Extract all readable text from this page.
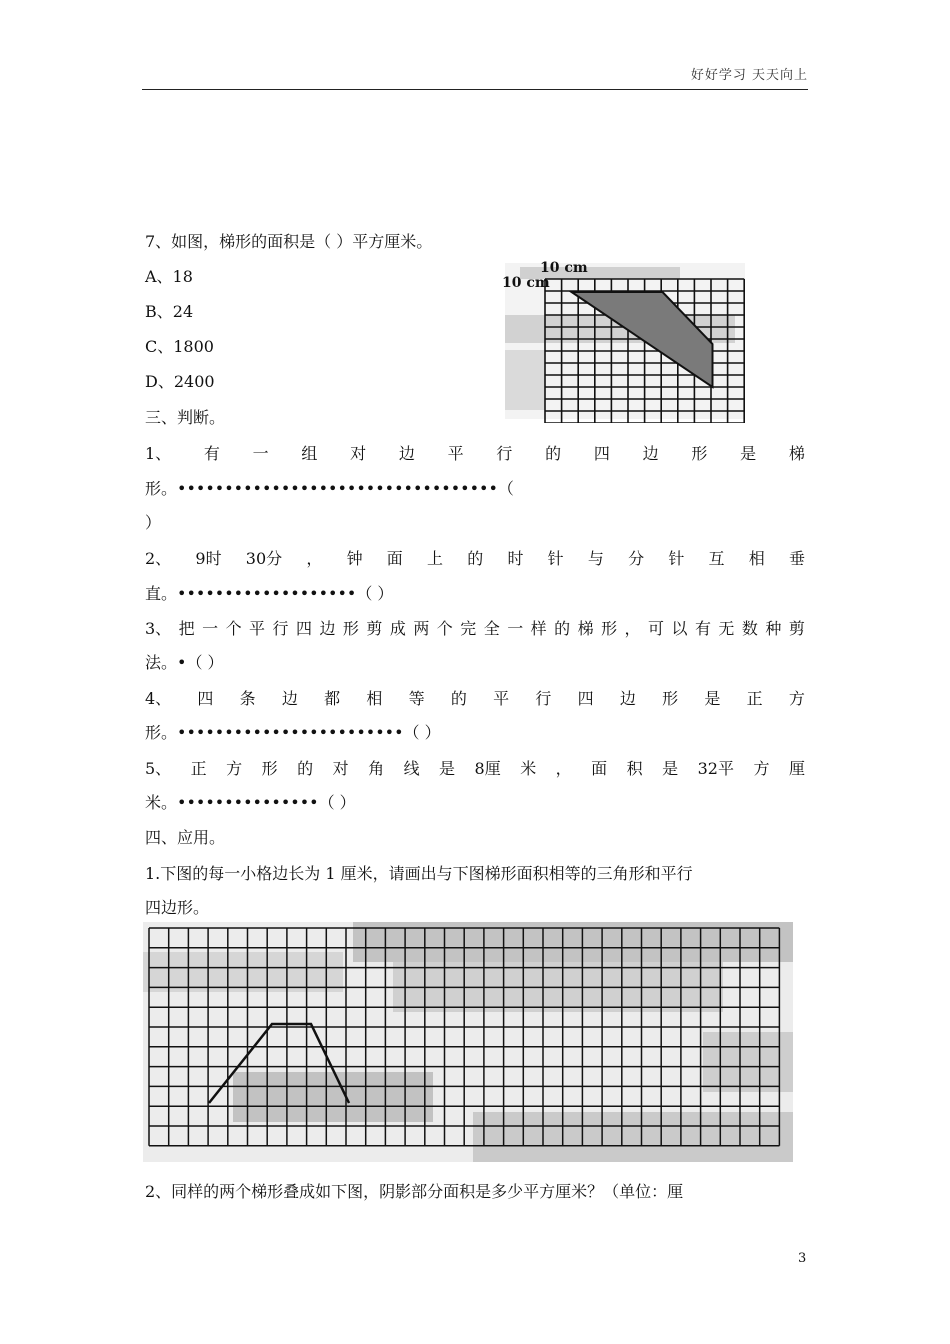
好好学习 天天向上
7、如图，梯形的面积是（ ）平方厘米。
A、18
B、24
C、1800
D、2400
10 cm
10 cm
三、判断。
1、 有 一 组 对 边 平 行 的 四 边 形 是 梯
形。••••••••••••••••••••••••••••••••••（
）
2、 9时 30分 ， 钟 面 上 的 时 针 与 分 针 互 相 垂
直。•••••••••••••••••••（ ）
3、 把 一 个 平 行 四 边 形 剪 成 两 个 完 全 一 样 的 梯 形 ， 可 以 有 无 数 种 剪
法。•（ ）
4、 四 条 边 都 相 等 的 平 行 四 边 形 是 正 方
形。••••••••••••••••••••••••（ ）
5、 正 方 形 的 对 角 线 是 8厘 米 ， 面 积 是 32平 方 厘
米。•••••••••••••••（ ）
四、应用。
1.下图的每一小格边长为 1 厘米，请画出与下图梯形面积相等的三角形和平行
四边形。
2、同样的两个梯形叠成如下图，阴影部分面积是多少平方厘米？（单位：厘
3
